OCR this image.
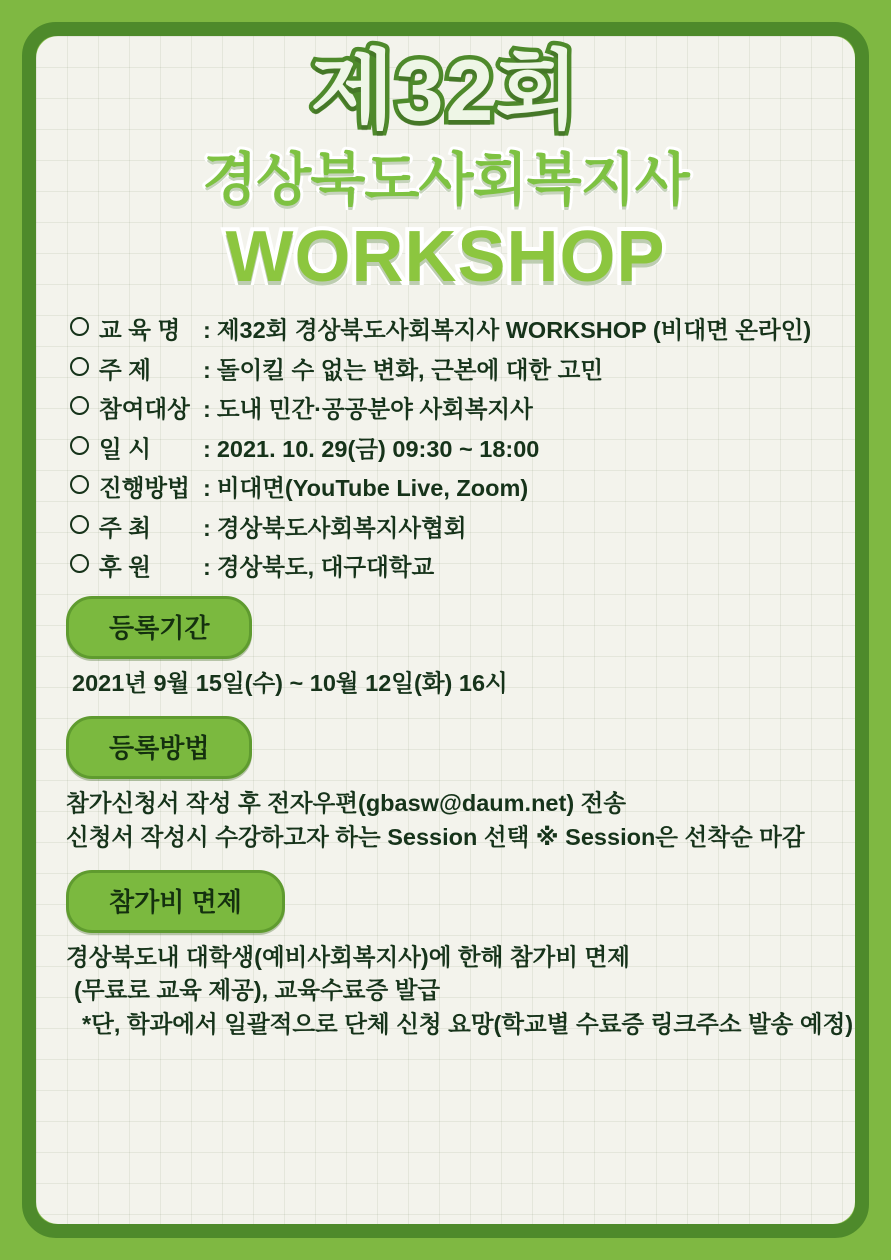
제32회
경상북도사회복지사
WORKSHOP
교 육 명 : 제32회 경상북도사회복지사 WORKSHOP (비대면 온라인)
주 제	: 돌이킬 수 없는 변화, 근본에 대한 고민
참여대상 : 도내 민간·공공분야 사회복지사
일 시	: 2021. 10. 29(금) 09:30 ~ 18:00
진행방법 : 비대면(YouTube Live, Zoom)
주 최	: 경상북도사회복지사협회
후 원	: 경상북도, 대구대학교
등록기간
2021년 9월 15일(수) ~ 10월 12일(화) 16시
등록방법
참가신청서 작성 후 전자우편(gbasw@daum.net) 전송
신청서 작성시 수강하고자 하는 Session 선택 ※ Session은 선착순 마감
참가비 면제
경상북도내 대학생(예비사회복지사)에 한해 참가비 면제
(무료로 교육 제공), 교육수료증 발급
*단, 학과에서 일괄적으로 단체 신청 요망(학교별 수료증 링크주소 발송 예정)
